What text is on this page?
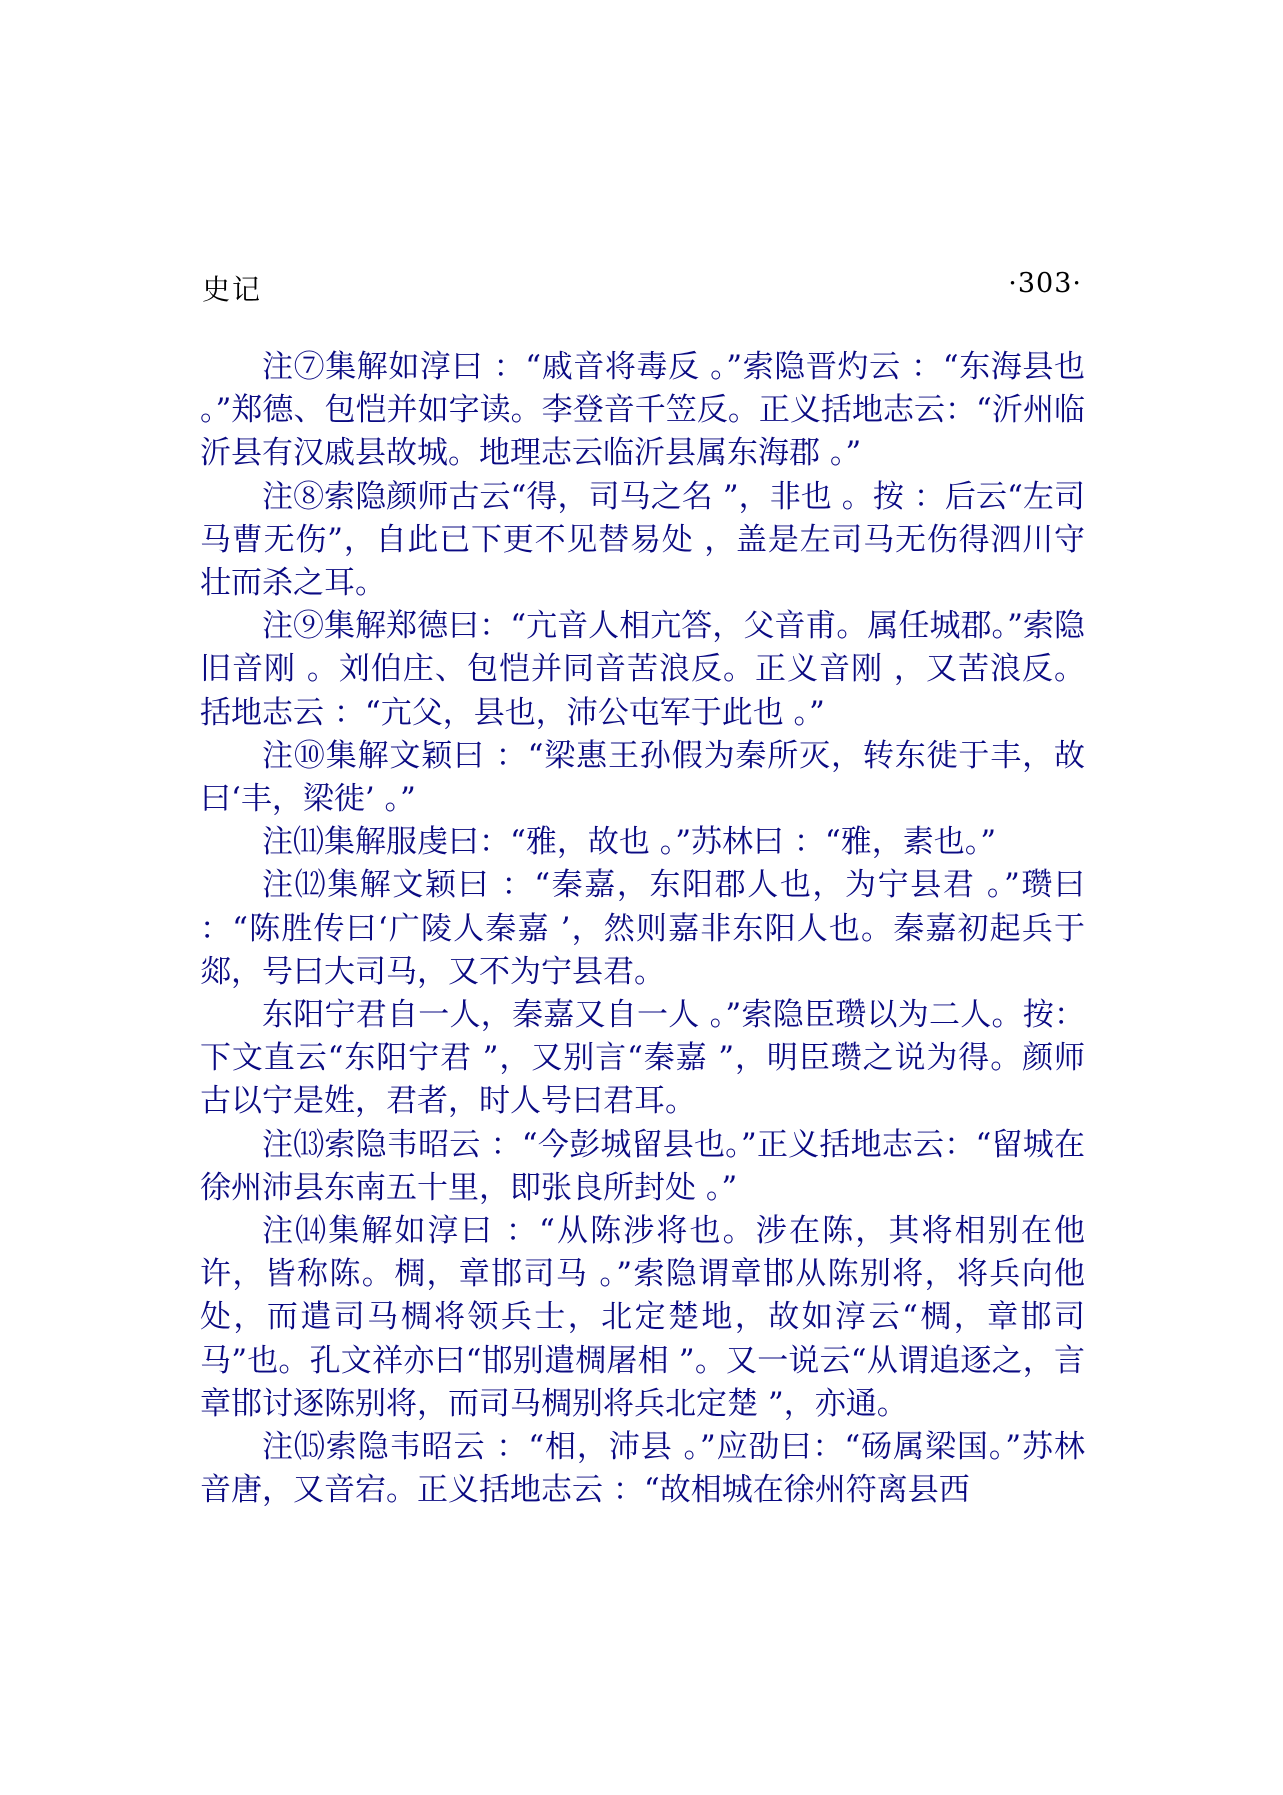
史记	·303·

注⑦集解如淳曰 ：“戚音将毒反 。”索隐晋灼云 ：“东海县也 。”郑德、包恺并如字读。李登音千笠反。正义括地志云：“沂州临沂县有汉戚县故城。地理志云临沂县属东海郡 。”

注⑧索隐颜师古云“得，司马之名 ”，非也 。按 ：后云“左司马曹无伤”，自此已下更不见替易处 ，盖是左司马无伤得泗川守壮而杀之耳。

注⑨集解郑德曰：“亢音人相亢答，父音甫。属任城郡。”索隐旧音刚 。刘伯庄、包恺并同音苦浪反。正义音刚 ，又苦浪反。括地志云 ：“亢父，县也，沛公屯军于此也 。”

注⑩集解文颖曰 ：“梁惠王孙假为秦所灭，转东徙于丰，故曰‘丰，梁徙’ 。”

注⑾集解服虔曰：“雅，故也 。”苏林曰 ：“雅，素也。”

注⑿集解文颖曰 ：“秦嘉，东阳郡人也，为宁县君 。”瓒曰 ：“陈胜传曰‘广陵人秦嘉 ’，然则嘉非东阳人也。秦嘉初起兵于郯，号曰大司马，又不为宁县君。

东阳宁君自一人，秦嘉又自一人 。”索隐臣瓒以为二人。按：下文直云“东阳宁君 ”，又别言“秦嘉 ”，明臣瓒之说为得。颜师古以宁是姓，君者，时人号曰君耳。

注⒀索隐韦昭云 ：“今彭城留县也。”正义括地志云：“留城在徐州沛县东南五十里，即张良所封处 。”

注⒁集解如淳曰 ：“从陈涉将也。涉在陈，其将相别在他许，皆称陈。椆，章邯司马 。”索隐谓章邯从陈别将，将兵向他处，而遣司马椆将领兵士，北定楚地，故如淳云“椆，章邯司马”也。孔文祥亦曰“邯别遣椆屠相 ”。又一说云“从谓追逐之，言章邯讨逐陈别将，而司马椆别将兵北定楚 ”，亦通。

注⒂索隐韦昭云 ：“相，沛县 。”应劭曰：“砀属梁国。”苏林音唐，又音宕。正义括地志云 ：“故相城在徐州符离县西
